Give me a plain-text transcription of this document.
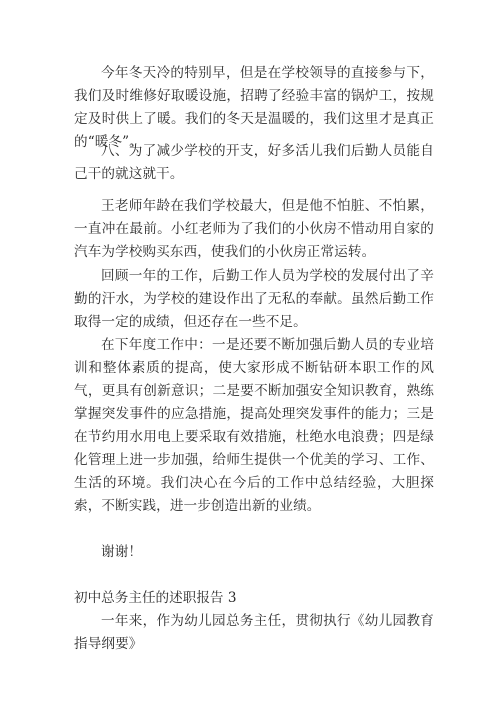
今年冬天冷的特别早，但是在学校领导的直接参与下，我们及时维修好取暖设施，招聘了经验丰富的锅炉工，按规定及时供上了暖。我们的冬天是温暖的，我们这里才是真正的“暖冬”。

八、为了减少学校的开支，好多活儿我们后勤人员能自己干的就这就干。

王老师年龄在我们学校最大，但是他不怕脏、不怕累，一直冲在最前。小红老师为了我们的小伙房不惜动用自家的汽车为学校购买东西，使我们的小伙房正常运转。

回顾一年的工作，后勤工作人员为学校的发展付出了辛勤的汗水，为学校的建设作出了无私的奉献。虽然后勤工作取得一定的成绩，但还存在一些不足。

在下年度工作中：一是还要不断加强后勤人员的专业培训和整体素质的提高，使大家形成不断钻研本职工作的风气，更具有创新意识；二是要不断加强安全知识教育，熟练掌握突发事件的应急措施，提高处理突发事件的能力；三是在节约用水用电上要采取有效措施，杜绝水电浪费；四是绿化管理上进一步加强，给师生提供一个优美的学习、工作、生活的环境。我们决心在今后的工作中总结经验，大胆探索，不断实践，进一步创造出新的业绩。

谢谢！

初中总务主任的述职报告 3

一年来，作为幼儿园总务主任，贯彻执行《幼儿园教育指导纲要》
